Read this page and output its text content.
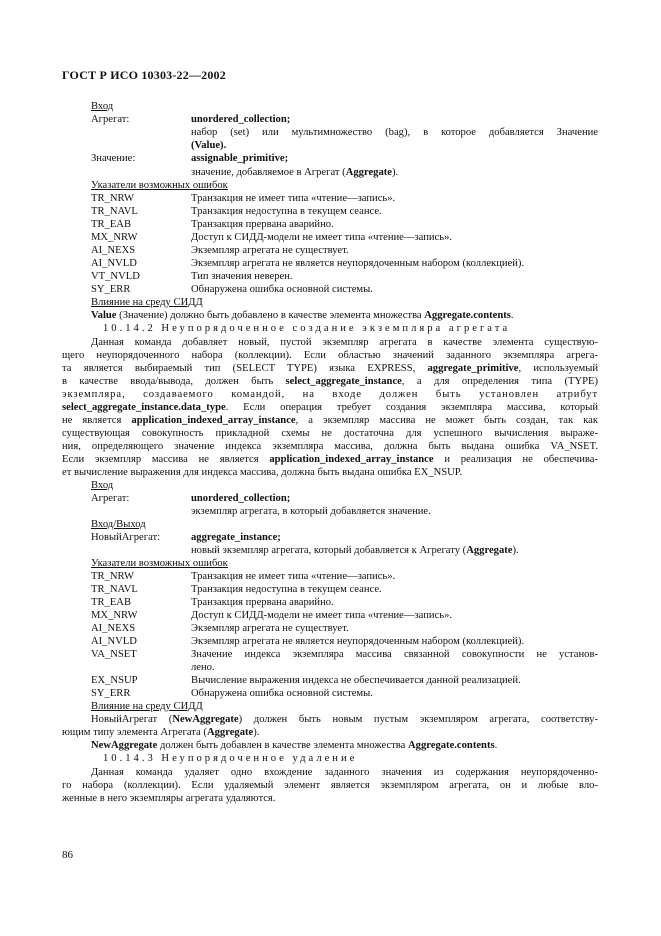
ГОСТ Р ИСО 10303-22—2002
Вход
Агрегат:	unordered_collection;
набор (set) или мультимножество (bag), в которое добавляется Значение
(Value).
Значение:	assignable_primitive;
значение, добавляемое в Агрегат (Aggregate).
Указатели возможных ошибок
TR_NRW	Транзакция не имеет типа «чтение—запись».
TR_NAVL	Транзакция недоступна в текущем сеансе.
TR_EAB	Транзакция прервана аварийно.
MX_NRW	Доступ к СИДД-модели не имеет типа «чтение—запись».
AI_NEXS	Экземпляр агрегата не существует.
AI_NVLD	Экземпляр агрегата не является неупорядоченным набором (коллекцией).
VT_NVLD	Тип значения неверен.
SY_ERR	Обнаружена ошибка основной системы.
Влияние на среду СИДД
Value (Значение) должно быть добавлено в качестве элемента множества Aggregate.contents.
10.14.2 Неупорядоченное создание экземпляра агрегата
Данная команда добавляет новый, пустой экземпляр агрегата в качестве элемента существую-
щего неупорядоченного набора (коллекции). Если областью значений заданного экземпляра агрега-
та является выбираемый тип (SELECT TYPE) языка EXPRESS, aggregate_primitive, используемый
в качестве ввода/вывода, должен быть select_aggregate_instance, а для определения типа (TYPE)
экземпляра, создаваемого командой, на входе должен быть установлен атрибут
select_aggregate_instance.data_type. Если операция требует создания экземпляра массива, который
не является application_indexed_array_instance, а экземпляр массива не может быть создан, так как
существующая совокупность прикладной схемы не достаточна для успешного вычисления выраже-
ния, определяющего значение индекса экземпляра массива, должна быть выдана ошибка VA_NSET.
Если экземпляр массива не является application_indexed_array_instance и реализация не обеспечива-
ет вычисление выражения для индекса массива, должна быть выдана ошибка EX_NSUP.
Вход
Агрегат:	unordered_collection;
экземпляр агрегата, в который добавляется значение.
Вход/Выход
НовыйАгрегат:	aggregate_instance;
новый экземпляр агрегата, который добавляется к Агрегату (Aggregate).
Указатели возможных ошибок
TR_NRW	Транзакция не имеет типа «чтение—запись».
TR_NAVL	Транзакция недоступна в текущем сеансе.
TR_EAB	Транзакция прервана аварийно.
MX_NRW	Доступ к СИДД-модели не имеет типа «чтение—запись».
AI_NEXS	Экземпляр агрегата не существует.
AI_NVLD	Экземпляр агрегата не является неупорядоченным набором (коллекцией).
VA_NSET	Значение индекса экземпляра массива связанной совокупности не установ-
лено.
EX_NSUP	Вычисление выражения индекса не обеспечивается данной реализацией.
SY_ERR	Обнаружена ошибка основной системы.
Влияние на среду СИДД
НовыйАгрегат (NewAggregate) должен быть новым пустым экземпляром агрегата, соответству-
ющим типу элемента Агрегата (Aggregate).
NewAggregate должен быть добавлен в качестве элемента множества Aggregate.contents.
10.14.3 Неупорядоченное удаление
Данная команда удаляет одно вхождение заданного значения из содержания неупорядоченно-
го набора (коллекции). Если удаляемый элемент является экземпляром агрегата, он и любые вло-
женные в него экземпляры агрегата удаляются.
86
